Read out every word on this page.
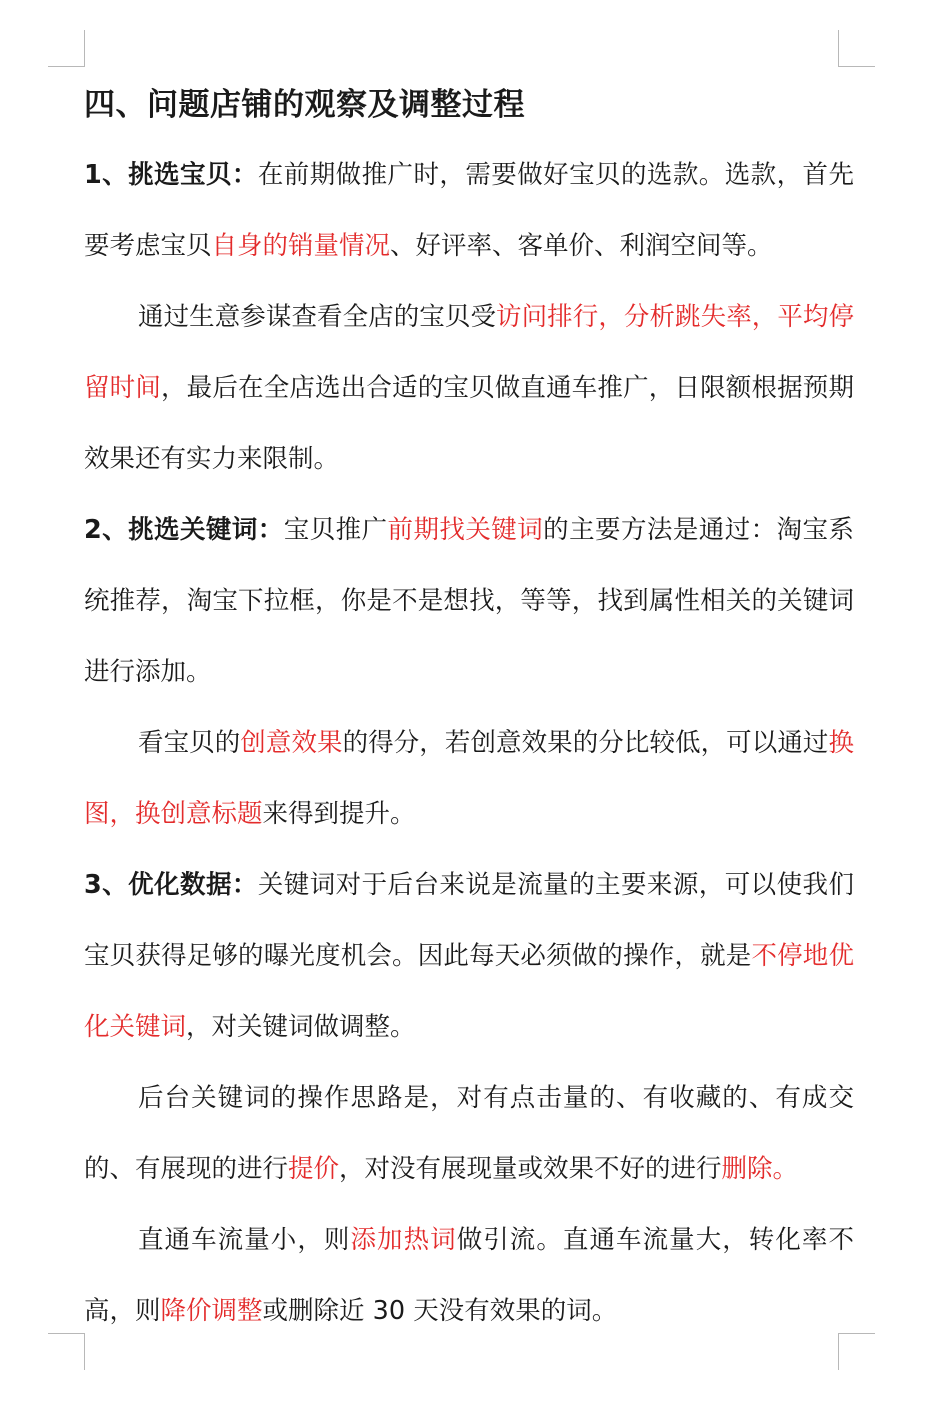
四、问题店铺的观察及调整过程

1、挑选宝贝：在前期做推广时，需要做好宝贝的选款。选款，首先要考虑宝贝自身的销量情况、好评率、客单价、利润空间等。

通过生意参谋查看全店的宝贝受访问排行，分析跳失率，平均停留时间，最后在全店选出合适的宝贝做直通车推广，日限额根据预期效果还有实力来限制。

2、挑选关键词：宝贝推广前期找关键词的主要方法是通过：淘宝系统推荐，淘宝下拉框，你是不是想找，等等，找到属性相关的关键词进行添加。

看宝贝的创意效果的得分，若创意效果的分比较低，可以通过换图，换创意标题来得到提升。

3、优化数据：关键词对于后台来说是流量的主要来源，可以使我们宝贝获得足够的曝光度机会。因此每天必须做的操作，就是不停地优化关键词，对关键词做调整。

后台关键词的操作思路是，对有点击量的、有收藏的、有成交的、有展现的进行提价，对没有展现量或效果不好的进行删除。

直通车流量小，则添加热词做引流。直通车流量大，转化率不高，则降价调整或删除近 30 天没有效果的词。
